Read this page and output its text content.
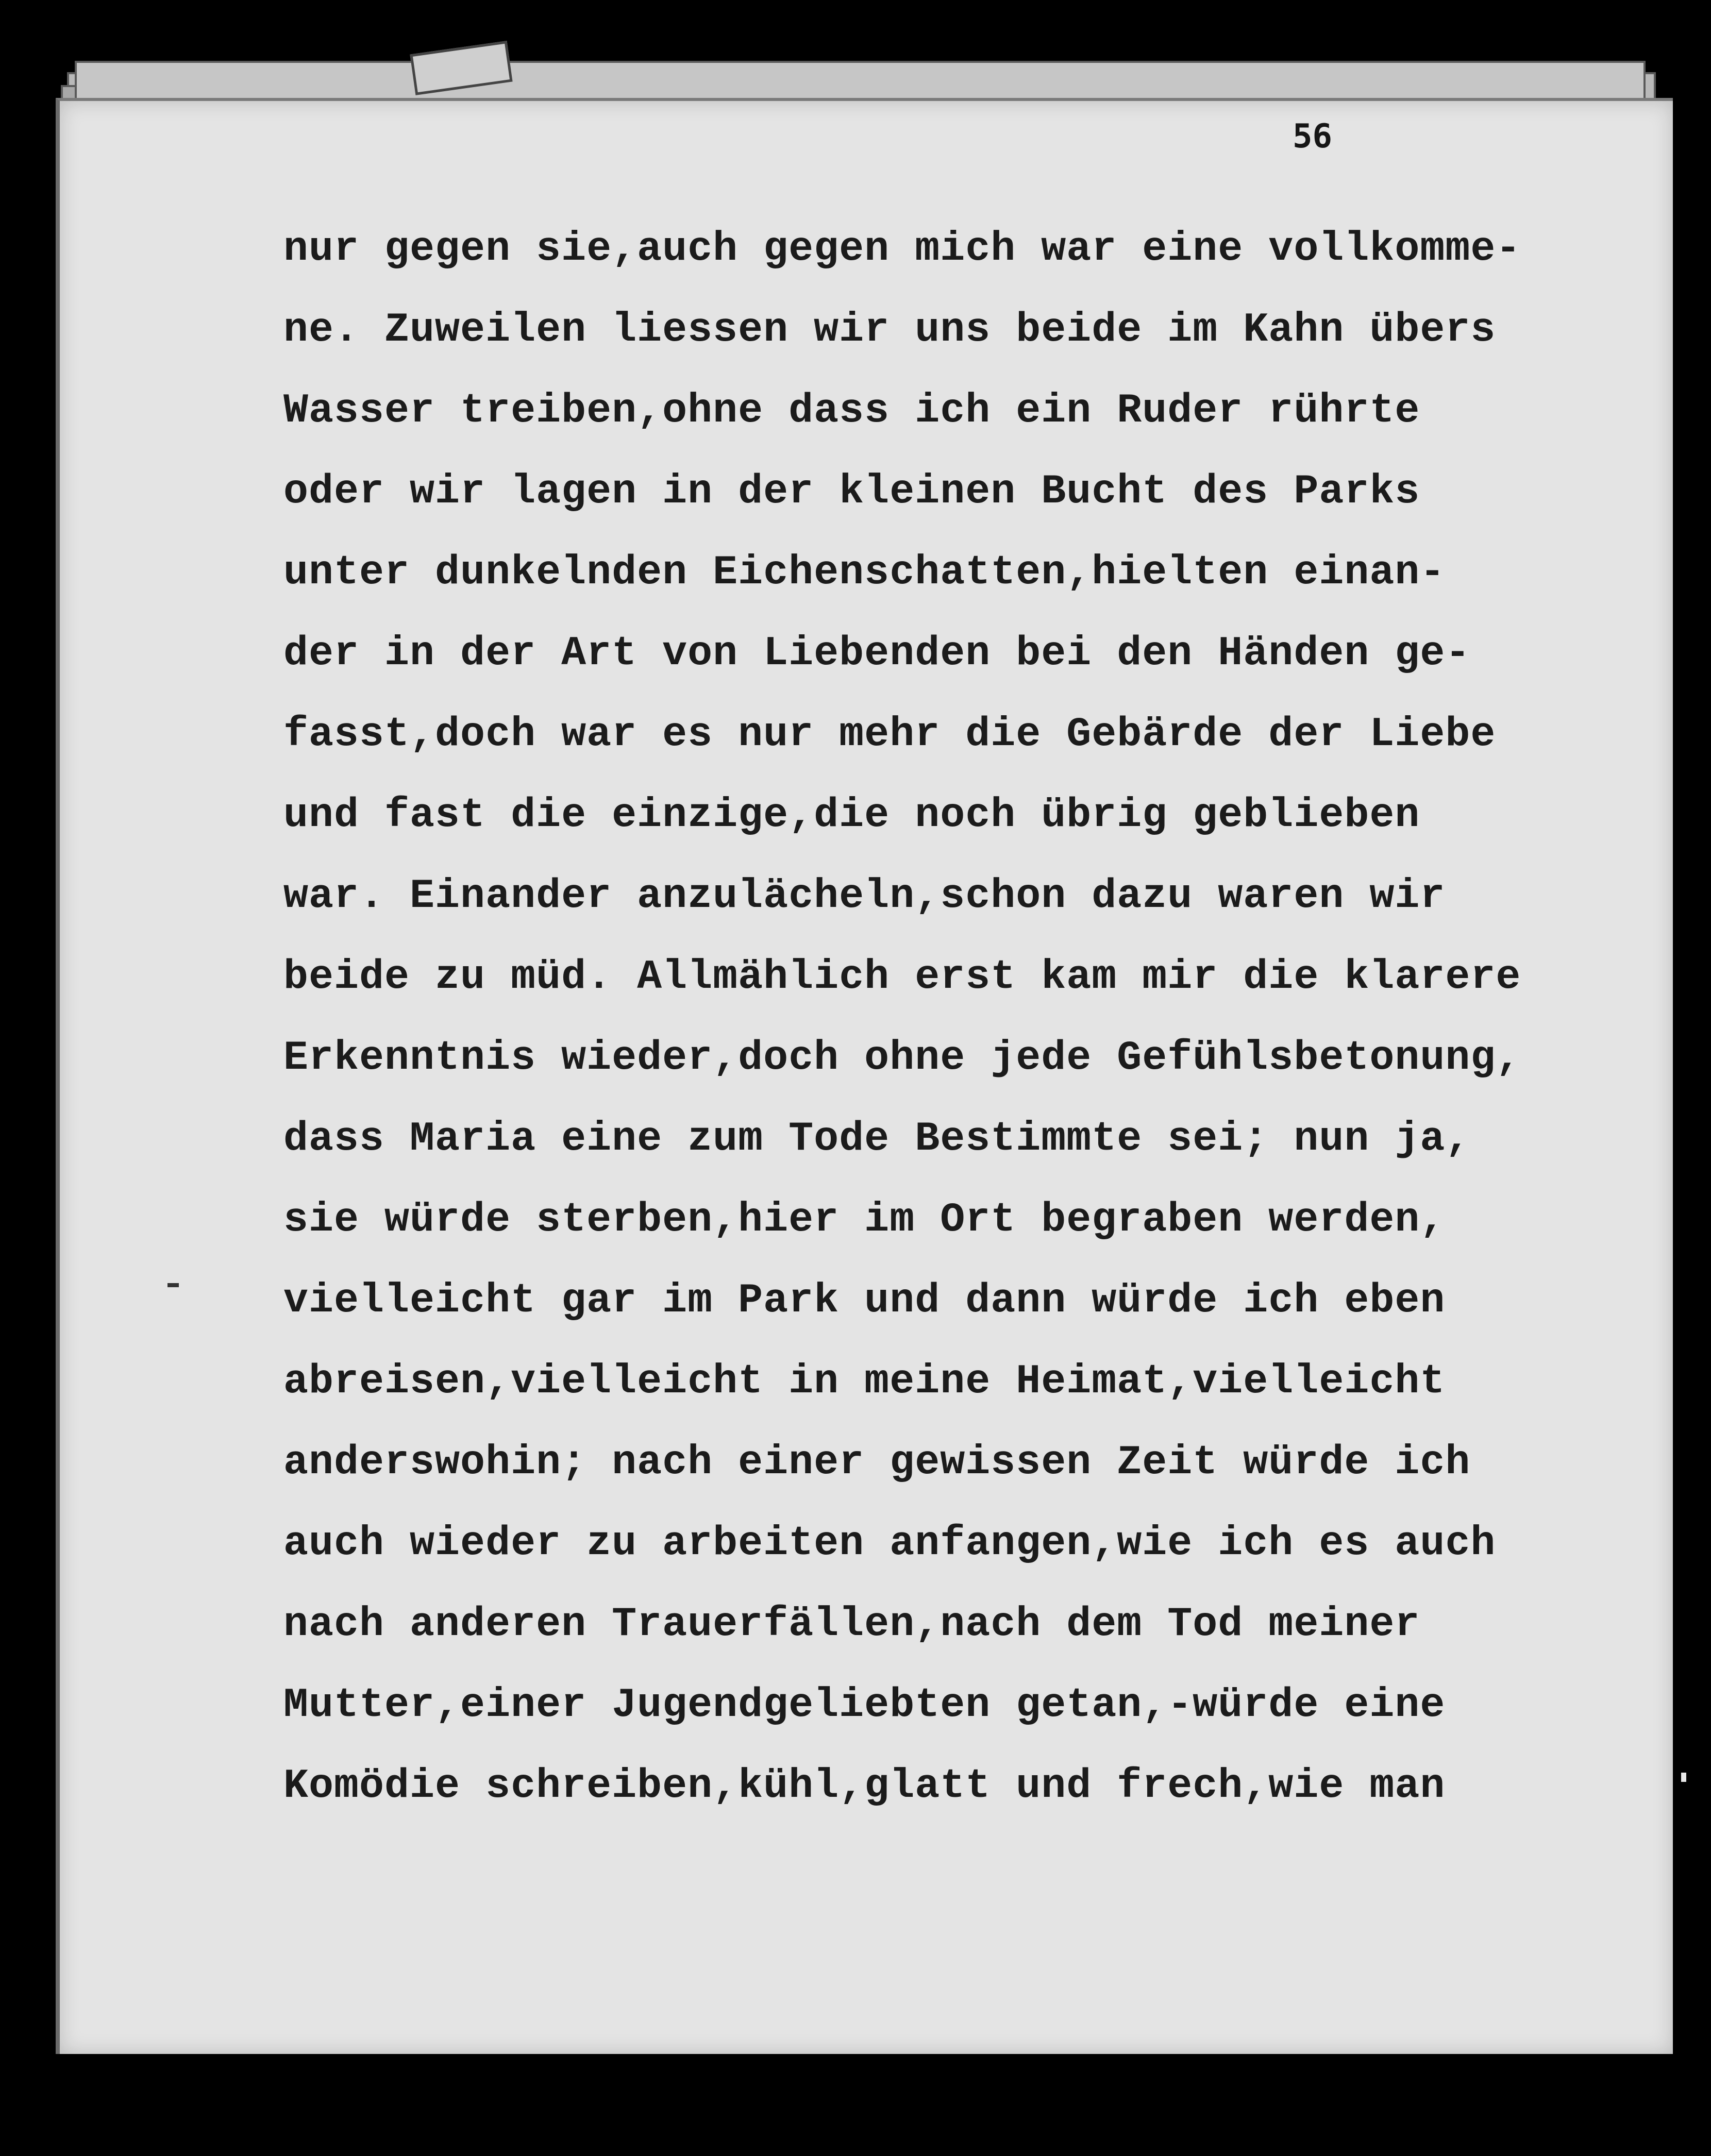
56
nur gegen sie,auch gegen mich war eine vollkomme-
ne. Zuweilen liessen wir uns beide im Kahn übers
Wasser treiben,ohne dass ich ein Ruder rührte
oder wir lagen in der kleinen Bucht des Parks
unter dunkelnden Eichenschatten,hielten einan-
der in der Art von Liebenden bei den Händen ge-
fasst,doch war es nur mehr die Gebärde der Liebe
und fast die einzige,die noch übrig geblieben
war. Einander anzulächeln,schon dazu waren wir
beide zu müd. Allmählich erst kam mir die klarere
Erkenntnis wieder,doch ohne jede Gefühlsbetonung,
dass Maria eine zum Tode Bestimmte sei; nun ja,
sie würde sterben,hier im Ort begraben werden,
vielleicht gar im Park und dann würde ich eben
abreisen,vielleicht in meine Heimat,vielleicht
anderswohin; nach einer gewissen Zeit würde ich
auch wieder zu arbeiten anfangen,wie ich es auch
nach anderen Trauerfällen,nach dem Tod meiner
Mutter,einer Jugendgeliebten getan,-würde eine
Komödie schreiben,kühl,glatt und frech,wie man
